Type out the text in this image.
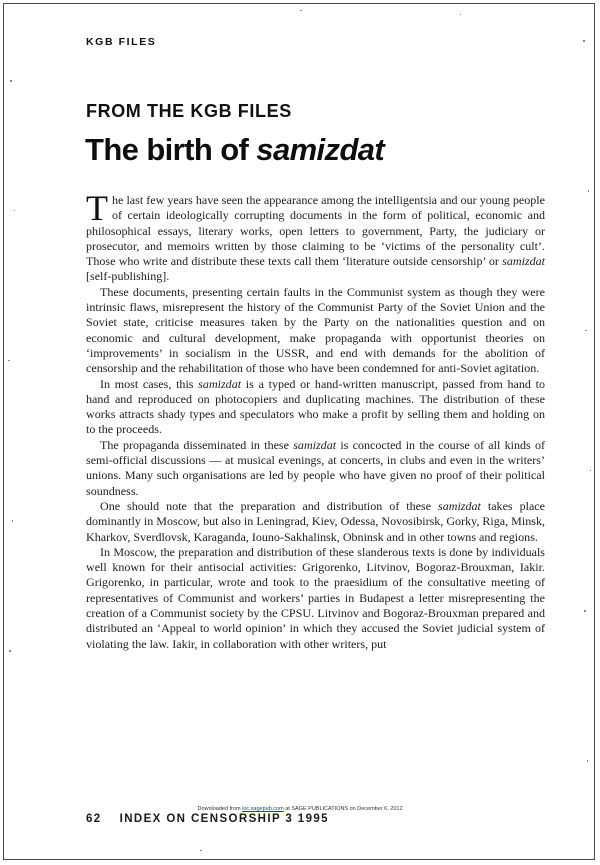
KGB FILES
FROM THE KGB FILES
The birth of samizdat

The last few years have seen the appearance among the intelligentsia and our young people of certain ideologically corrupting documents in the form of political, economic and philosophical essays, literary works, open letters to government, Party, the judiciary or prosecutor, and memoirs written by those claiming to be ‘victims of the personality cult’. Those who write and distribute these texts call them ‘literature outside censorship’ or samizdat [self-publishing].

These documents, presenting certain faults in the Communist system as though they were intrinsic flaws, misrepresent the history of the Communist Party of the Soviet Union and the Soviet state, criticise measures taken by the Party on the nationalities question and on economic and cultural development, make propaganda with opportunist theories on ‘improvements’ in socialism in the USSR, and end with demands for the abolition of censorship and the rehabilitation of those who have been condemned for anti-Soviet agitation.

In most cases, this samizdat is a typed or hand-written manuscript, passed from hand to hand and reproduced on photocopiers and duplicating machines. The distribution of these works attracts shady types and speculators who make a profit by selling them and holding on to the proceeds.

The propaganda disseminated in these samizdat is concocted in the course of all kinds of semi-official discussions — at musical evenings, at concerts, in clubs and even in the writers’ unions. Many such organisations are led by people who have given no proof of their political soundness.

One should note that the preparation and distribution of these samizdat takes place dominantly in Moscow, but also in Leningrad, Kiev, Odessa, Novosibirsk, Gorky, Riga, Minsk, Kharkov, Sverdlovsk, Karaganda, Iouno-Sakhalinsk, Obninsk and in other towns and regions.

In Moscow, the preparation and distribution of these slanderous texts is done by individuals well known for their antisocial activities: Grigorenko, Litvinov, Bogoraz-Brouxman, Iakir. Grigorenko, in particular, wrote and took to the praesidium of the consultative meeting of representatives of Communist and workers’ parties in Budapest a letter misrepresenting the creation of a Communist society by the CPSU. Litvinov and Bogoraz-Brouxman prepared and distributed an ‘Appeal to world opinion’ in which they accused the Soviet judicial system of violating the law. Iakir, in collaboration with other writers, put

Downloaded from ioc.sagepub.com at SAGE PUBLICATIONS on December 6, 2012
62 INDEX ON CENSORSHIP 3 1995
